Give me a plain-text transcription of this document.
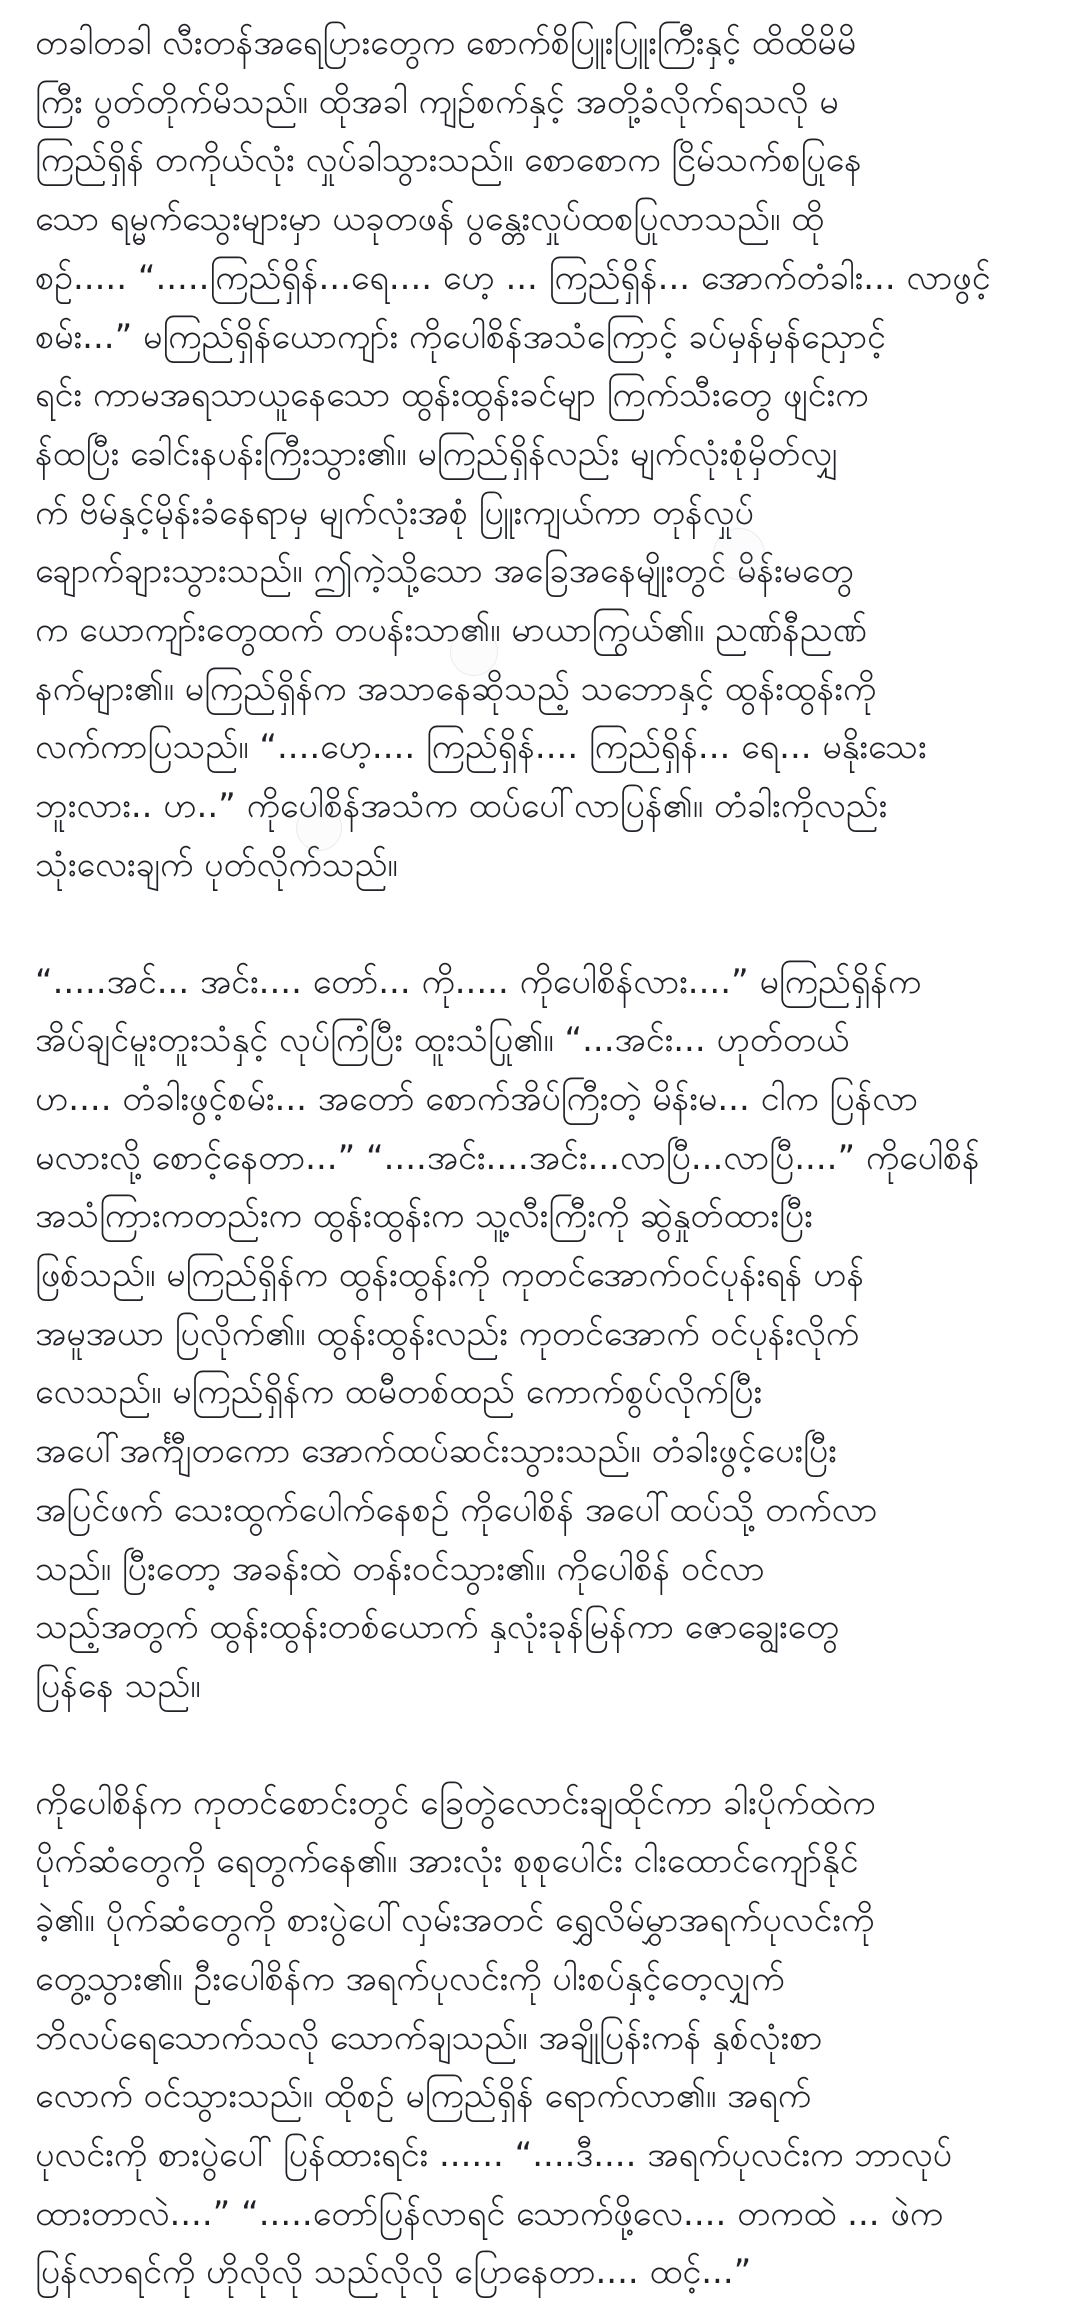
တခါတခါ လီးတန်အရေပြားတွေက စောက်စိပြူးပြူးကြီးနှင့် ထိထိမိမိ
ကြီး ပွတ်တိုက်မိသည်။ ထိုအခါ ကျဉ်စက်နှင့် အတို့ခံလိုက်ရသလို မ
ကြည်ရှိန် တကိုယ်လုံး လှုပ်ခါသွားသည်။ စောစောက ငြိမ်သက်စပြုနေ
သော ရမ္မက်သွေးများမှာ ယခုတဖန် ပွန္တေးလှုပ်ထစပြုလာသည်။ ထို
စဉ်..... “.....ကြည်ရှိန်...ရေ.... ဟေ့ ... ကြည်ရှိန်... အောက်တံခါး... လာဖွင့်
စမ်း...” မကြည်ရှိန်ယောကျာ်း ကိုပေါစိန်အသံကြောင့် ခပ်မှန်မှန်ညှောင့်
ရင်း ကာမအရသာယူနေသော ထွန်းထွန်းခင်မျာ ကြက်သီးတွေ ဖျင်းက
န်ထပြီး ခေါင်းနပန်းကြီးသွား၏။ မကြည်ရှိန်လည်း မျက်လုံးစုံမှိတ်လျှ
က် ဗိမ်နှင့်မိုန်းခံနေရာမှ မျက်လုံးအစုံ ပြူးကျယ်ကာ တုန်လှုပ်
ချောက်ချားသွားသည်။ ဤကဲ့သို့သော အခြေအနေမျိုးတွင် မိန်းမတွေ
က ယောကျာ်းတွေထက် တပန်းသာ၏။ မာယာကြွယ်၏။ ညဏ်နီညဏ်
နက်များ၏။ မကြည်ရှိန်က အသာနေဆိုသည့် သဘောနှင့် ထွန်းထွန်းကို
လက်ကာပြသည်။ “....ဟေ့.... ကြည်ရှိန်.... ကြည်ရှိန်... ရေ... မနိုးသေး
ဘူးလား.. ဟ..” ကိုပေါစိန်အသံက ထပ်ပေါ်လာပြန်၏။ တံခါးကိုလည်း
သုံးလေးချက် ပုတ်လိုက်သည်။

“.....အင်... အင်း.... တော်... ကို..... ကိုပေါစိန်လား....” မကြည်ရှိန်က
အိပ်ချင်မူးတူးသံနှင့် လုပ်ကြံပြီး ထူးသံပြု၏။ “...အင်း... ဟုတ်တယ်
ဟ.... တံခါးဖွင့်စမ်း... အတော် စောက်အိပ်ကြီးတဲ့ မိန်းမ... ငါက ပြန်လာ
မလားလို့ စောင့်နေတာ...” “....အင်း....အင်း...လာပြီ...လာပြီ....” ကိုပေါစိန်
အသံကြားကတည်းက ထွန်းထွန်းက သူ့လီးကြီးကို ဆွဲနှုတ်ထားပြီး
ဖြစ်သည်။ မကြည်ရှိန်က ထွန်းထွန်းကို ကုတင်အောက်ဝင်ပုန်းရန် ဟန်
အမူအယာ ပြလိုက်၏။ ထွန်းထွန်းလည်း ကုတင်အောက် ဝင်ပုန်းလိုက်
လေသည်။ မကြည်ရှိန်က ထမီတစ်ထည် ကောက်စွပ်လိုက်ပြီး
အပေါ်အင်္ကျီတကော အောက်ထပ်ဆင်းသွားသည်။ တံခါးဖွင့်ပေးပြီး
အပြင်ဖက် သေးထွက်ပေါက်နေစဉ် ကိုပေါစိန် အပေါ်ထပ်သို့ တက်လာ
သည်။ ပြီးတော့ အခန်းထဲ တန်းဝင်သွား၏။ ကိုပေါစိန် ဝင်လာ
သည့်အတွက် ထွန်းထွန်းတစ်ယောက် နှလုံးခုန်မြန်ကာ ဇောချွေးတွေ
ပြန်နေ သည်။

ကိုပေါစိန်က ကုတင်စောင်းတွင် ခြေတွဲလောင်းချထိုင်ကာ ခါးပိုက်ထဲက
ပိုက်ဆံတွေကို ရေတွက်နေ၏။ အားလုံး စုစုပေါင်း ငါးထောင်ကျော်နိုင်
ခဲ့၏။ ပိုက်ဆံတွေကို စားပွဲပေါ်လှမ်းအတင် ရွှေလိမ်မွှာအရက်ပုလင်းကို
တွေ့သွား၏။ ဦးပေါစိန်က အရက်ပုလင်းကို ပါးစပ်နှင့်တေ့လျှက်
ဘိလပ်ရေသောက်သလို သောက်ချသည်။ အချိုပြန်းကန် နှစ်လုံးစာ
လောက် ဝင်သွားသည်။ ထိုစဉ် မကြည်ရှိန် ရောက်လာ၏။ အရက်
ပုလင်းကို စားပွဲပေါ် ပြန်ထားရင်း ...... “....ဒီ.... အရက်ပုလင်းက ဘာလုပ်
ထားတာလဲ....” “.....တော်ပြန်လာရင် သောက်ဖို့လေ.... တကထဲ ... ဖဲက
ပြန်လာရင်ကို ဟိုလိုလို သည်လိုလို ပြောနေတာ.... ထင့်...”
